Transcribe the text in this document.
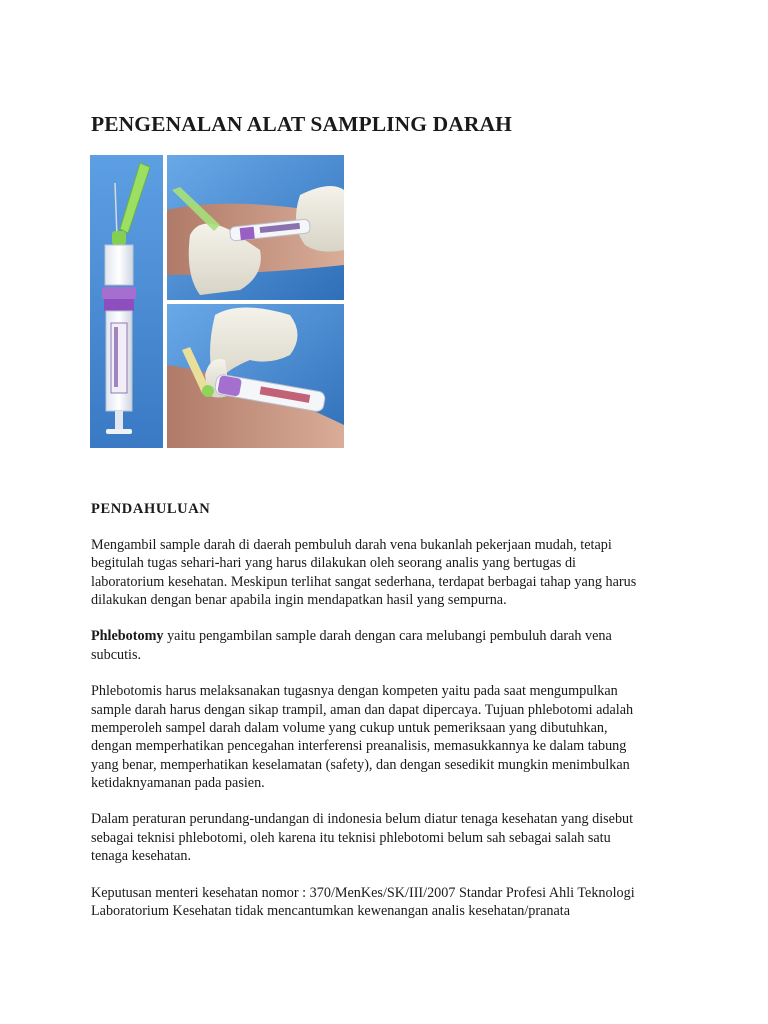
PENGENALAN ALAT SAMPLING DARAH
PENDAHULUAN

Mengambil sample darah di daerah pembuluh darah vena bukanlah pekerjaan mudah, tetapi
begitulah tugas sehari-hari yang harus dilakukan oleh seorang analis yang bertugas di
laboratorium kesehatan. Meskipun terlihat sangat sederhana, terdapat berbagai tahap yang harus
dilakukan dengan benar apabila ingin mendapatkan hasil yang sempurna.

Phlebotomy yaitu pengambilan sample darah dengan cara melubangi pembuluh darah vena
subcutis.

Phlebotomis harus melaksanakan tugasnya dengan kompeten yaitu pada saat mengumpulkan
sample darah harus dengan sikap trampil, aman dan dapat dipercaya. Tujuan phlebotomi adalah
memperoleh sampel darah dalam volume yang cukup untuk pemeriksaan yang dibutuhkan,
dengan memperhatikan pencegahan interferensi preanalisis, memasukkannya ke dalam tabung
yang benar, memperhatikan keselamatan (safety), dan dengan sesedikit mungkin menimbulkan
ketidaknyamanan pada pasien.

Dalam peraturan perundang-undangan di indonesia belum diatur tenaga kesehatan yang disebut
sebagai teknisi phlebotomi, oleh karena itu teknisi phlebotomi belum sah sebagai salah satu
tenaga kesehatan.

Keputusan menteri kesehatan nomor : 370/MenKes/SK/III/2007 Standar Profesi Ahli Teknologi
Laboratorium Kesehatan tidak mencantumkan kewenangan analis kesehatan/pranata
